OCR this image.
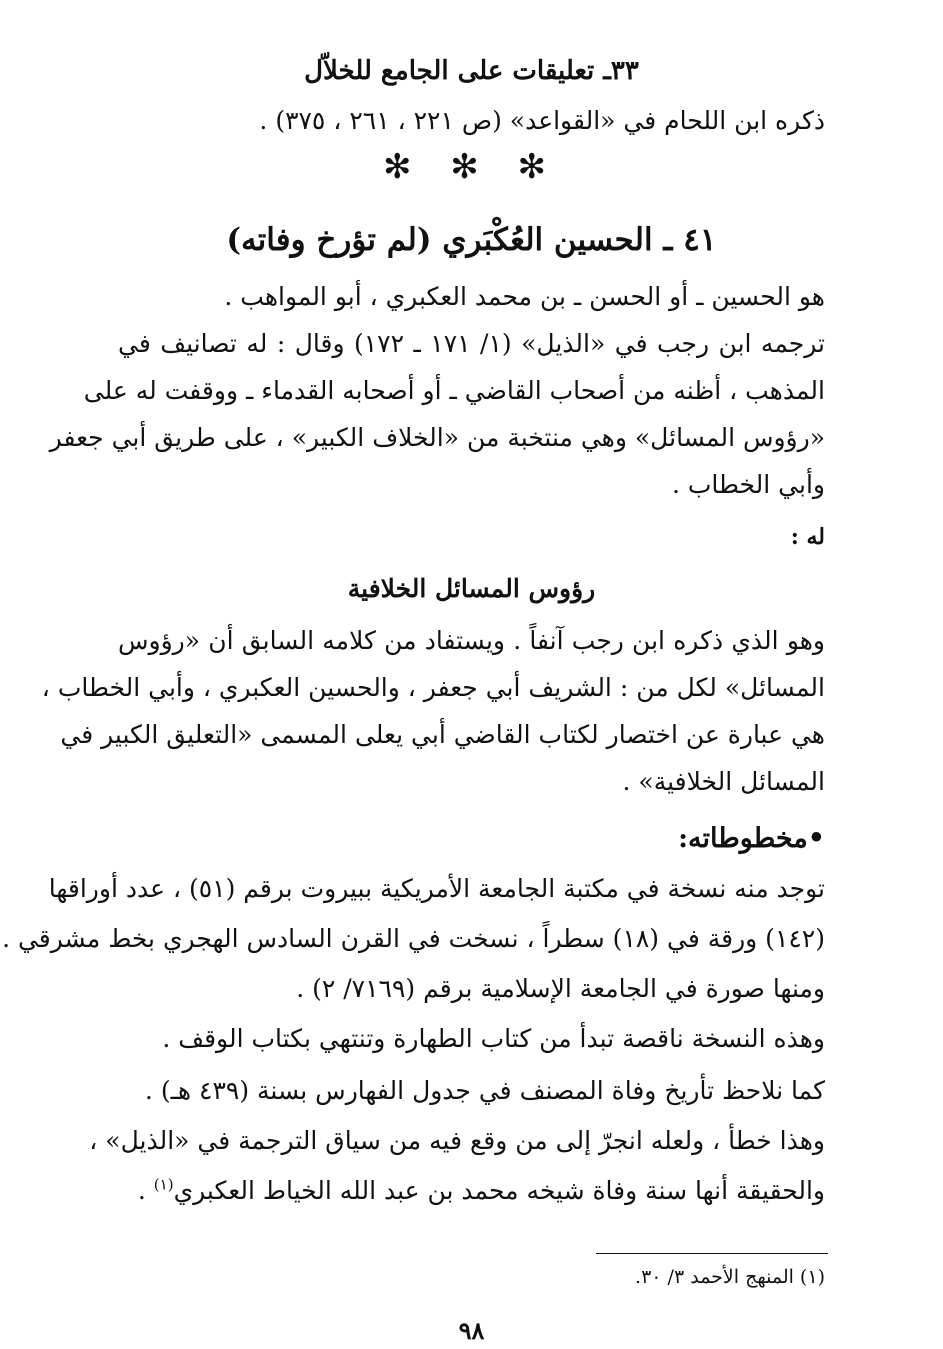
٣٣ـ تعليقات على الجامع للخلاّل
ذكره ابن اللحام في «القواعد» (ص ٢٢١ ، ٢٦١ ، ٣٧٥) .
✻ ✻ ✻
٤١ ـ الحسين العُكْبَري (لم تؤرخ وفاته)
هو الحسين ـ أو الحسن ـ بن محمد العكبري ، أبو المواهب .
ترجمه ابن رجب في «الذيل» (١/ ١٧١ ـ ١٧٢) وقال : له تصانيف في
المذهب ، أظنه من أصحاب القاضي ـ أو أصحابه القدماء ـ ووقفت له على
«رؤوس المسائل» وهي منتخبة من «الخلاف الكبير» ، على طريق أبي جعفر
وأبي الخطاب .
له :
رؤوس المسائل الخلافية
وهو الذي ذكره ابن رجب آنفاً . ويستفاد من كلامه السابق أن «رؤوس
المسائل» لكل من : الشريف أبي جعفر ، والحسين العكبري ، وأبي الخطاب ،
هي عبارة عن اختصار لكتاب القاضي أبي يعلى المسمى «التعليق الكبير في
المسائل الخلافية» .
•مخطوطاته:
توجد منه نسخة في مكتبة الجامعة الأمريكية ببيروت برقم (٥١) ، عدد أوراقها
(١٤٢) ورقة في (١٨) سطراً ، نسخت في القرن السادس الهجري بخط مشرقي .
ومنها صورة في الجامعة الإسلامية برقم (٧١٦٩/ ٢) .
وهذه النسخة ناقصة تبدأ من كتاب الطهارة وتنتهي بكتاب الوقف .
كما نلاحظ تأريخ وفاة المصنف في جدول الفهارس بسنة (٤٣٩ هـ) .
وهذا خطأ ، ولعله انجرّ إلى من وقع فيه من سياق الترجمة في «الذيل» ،
والحقيقة أنها سنة وفاة شيخه محمد بن عبد الله الخياط العكبري$^{(١)}$ .
(١) المنهج الأحمد ٣/ ٣٠.
٩٨
